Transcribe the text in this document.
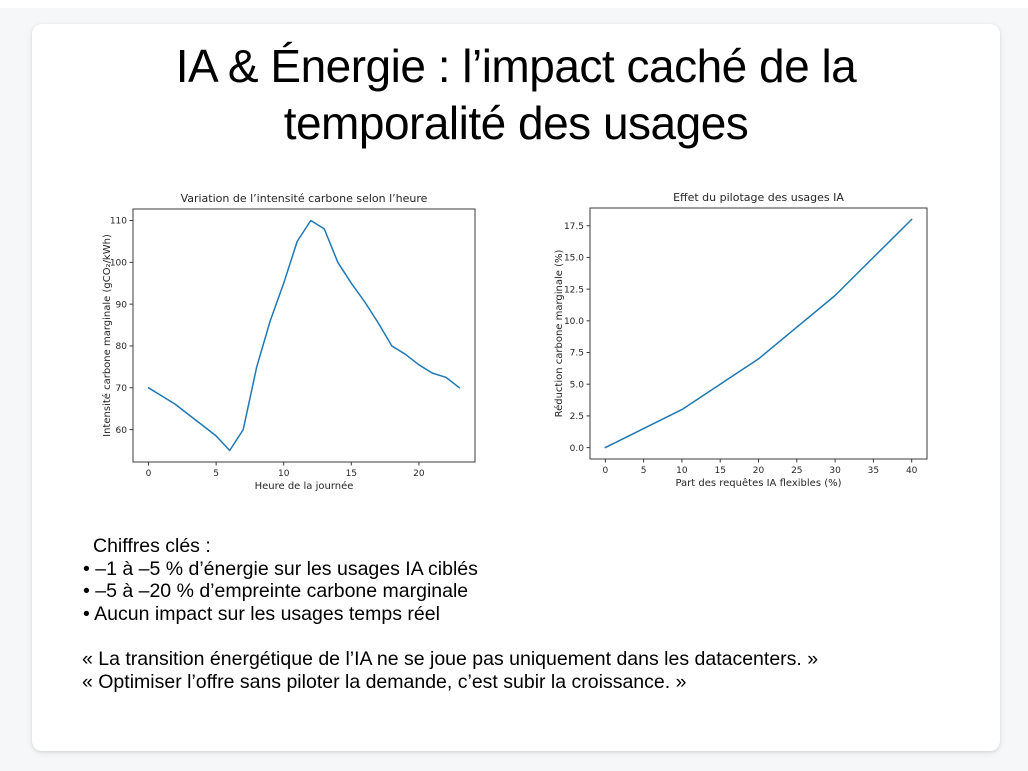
IA & Énergie : l’impact caché de la
temporalité des usages
0	5	10	15	20
60
70
80
90
100
110
Variation de l’intensité carbone selon l’heure
Heure de la journée
Intensité carbone marginale (gCO₂/kWh)
0	5	10	15	20	25	30	35	40
0.0
2.5
5.0
7.5
10.0
12.5
15.0
17.5
Effet du pilotage des usages IA
Part des requêtes IA flexibles (%)
Réduction carbone marginale (%)
Chiffres clés :
• –1 à –5 % d’énergie sur les usages IA ciblés
• –5 à –20 % d’empreinte carbone marginale
• Aucun impact sur les usages temps réel
« La transition énergétique de l’IA ne se joue pas uniquement dans les datacenters. »
« Optimiser l’offre sans piloter la demande, c’est subir la croissance. »
